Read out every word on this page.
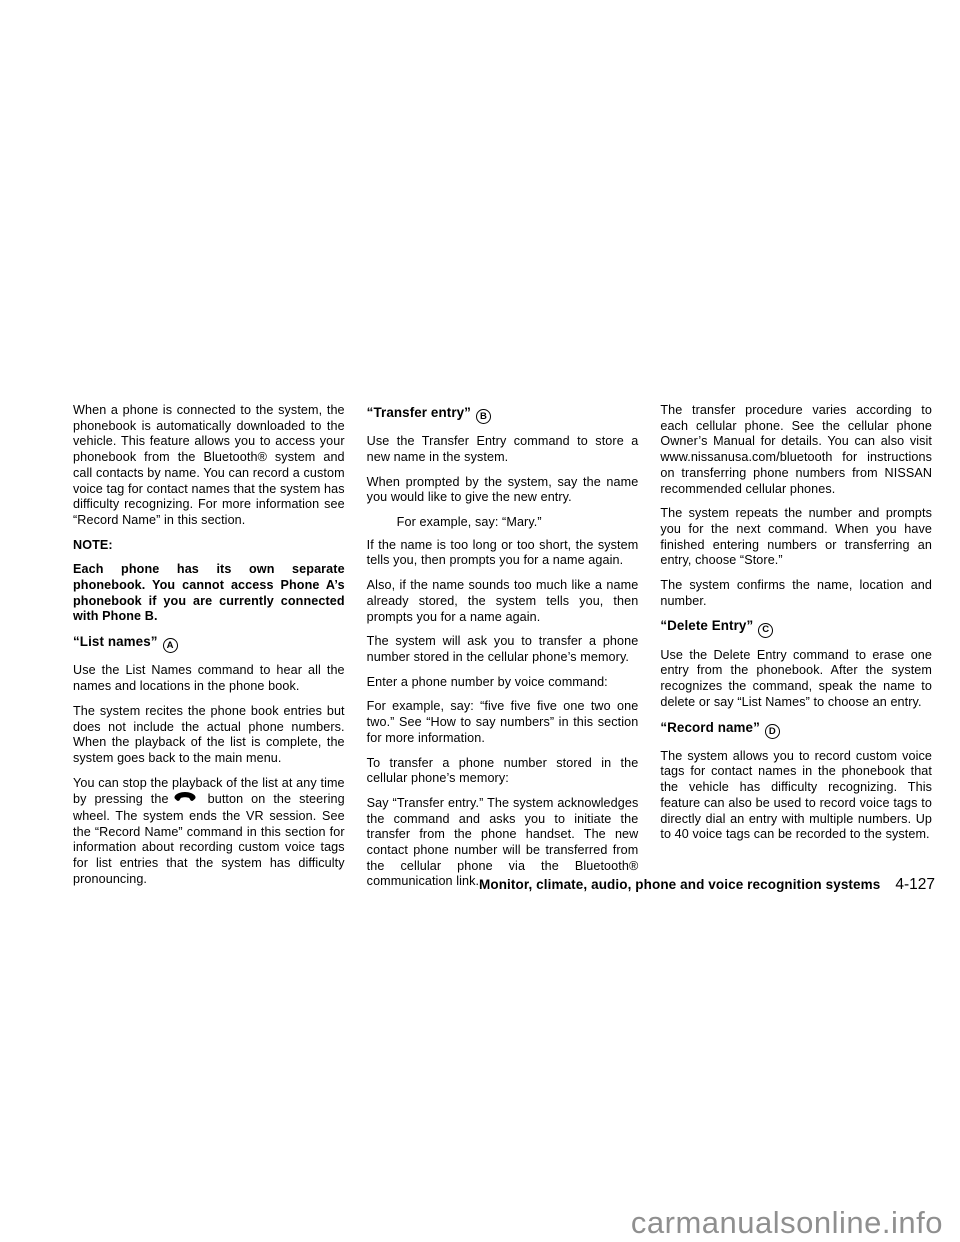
When a phone is connected to the system, the phonebook is automatically downloaded to the vehicle. This feature allows you to access your phonebook from the Bluetooth® system and call contacts by name. You can record a custom voice tag for contact names that the system has difficulty recognizing. For more information see “Record Name” in this section.

NOTE:

Each phone has its own separate phonebook. You cannot access Phone A’s phonebook if you are currently connected with Phone B.

“List names” A

Use the List Names command to hear all the names and locations in the phone book.

The system recites the phone book entries but does not include the actual phone numbers. When the playback of the list is complete, the system goes back to the main menu.

You can stop the playback of the list at any time by pressing the	button on the steering wheel. The system ends the VR session. See the “Record Name” command in this section for information about recording custom voice tags for list entries that the system has difficulty pronouncing.

“Transfer entry” B

Use the Transfer Entry command to store a new name in the system.

When prompted by the system, say the name you would like to give the new entry.

For example, say: “Mary.”

If the name is too long or too short, the system tells you, then prompts you for a name again.

Also, if the name sounds too much like a name already stored, the system tells you, then prompts you for a name again.

The system will ask you to transfer a phone number stored in the cellular phone’s memory.

Enter a phone number by voice command:

For example, say: “five five five one two one two.” See “How to say numbers” in this section for more information.

To transfer a phone number stored in the cellular phone’s memory:

Say “Transfer entry.” The system acknowledges the command and asks you to initiate the transfer from the phone handset. The new contact phone number will be transferred from the cellular phone via the Bluetooth® communication link.

The transfer procedure varies according to each cellular phone. See the cellular phone Owner’s Manual for details. You can also visit www.nissanusa.com/bluetooth for instructions on transferring phone numbers from NISSAN recommended cellular phones.

The system repeats the number and prompts you for the next command. When you have finished entering numbers or transferring an entry, choose “Store.”

The system confirms the name, location and number.

“Delete Entry” C

Use the Delete Entry command to erase one entry from the phonebook. After the system recognizes the command, speak the name to delete or say “List Names” to choose an entry.

“Record name” D

The system allows you to record custom voice tags for contact names in the phonebook that the vehicle has difficulty recognizing. This feature can also be used to record voice tags to directly dial an entry with multiple numbers. Up to 40 voice tags can be recorded to the system.

Monitor, climate, audio, phone and voice recognition systems 4-127
carmanualsonline.info
